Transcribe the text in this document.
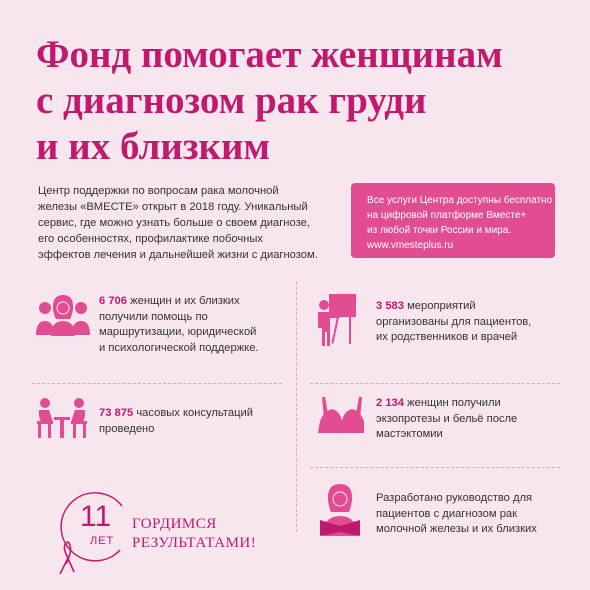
Фонд помогает женщинам
с диагнозом рак груди
и их близким
Центр поддержки по вопросам рака молочной
железы «ВМЕСТЕ» открыт в 2018 году. Уникальный
сервис, где можно узнать больше о своем диагнозе,
его особенностях, профилактике побочных
эффектов лечения и дальнейшей жизни с диагнозом.
Все услуги Центра доступны бесплатно
на цифровой платформе Вместе+
из любой точки России и мира.
www.vmesteplus.ru
6 706 женщин и их близких
получили помощь по
маршрутизации, юридической
и психологической поддержке.
3 583 мероприятий
организованы для пациентов,
их родственников и врачей
73 875 часовых консультаций
проведено
2 134 женщин получили
экзопротезы и бельё после
мастэктомии
Разработано руководство для
пациентов с диагнозом рак
молочной железы и их близких
11
ЛЕТ
ГОРДИМСЯ
РЕЗУЛЬТАТАМИ!
